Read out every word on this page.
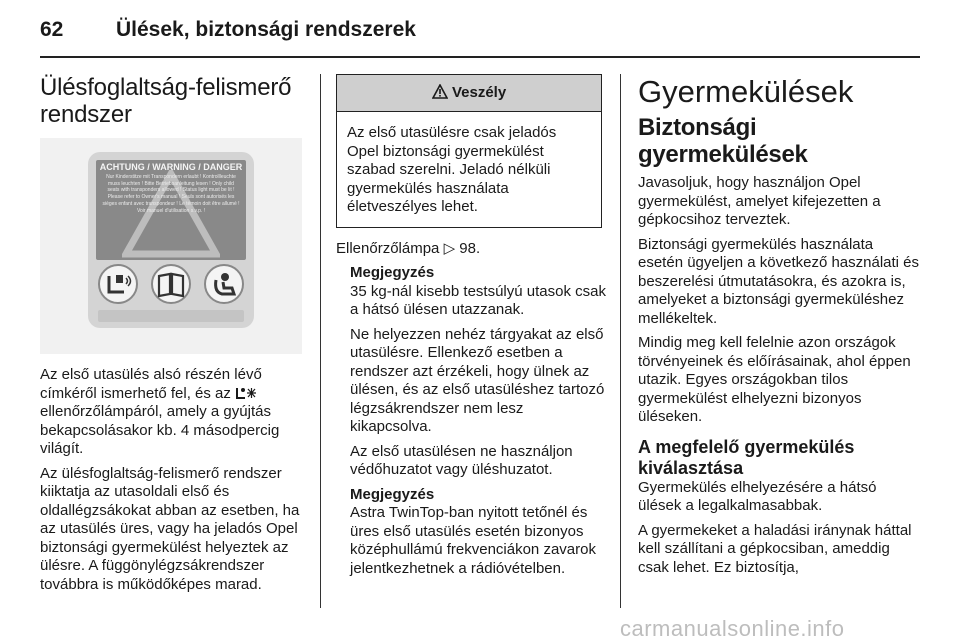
62	Ülések, biztonsági rendszerek
Ülésfoglaltság-felismerő rendszer
ACHTUNG / WARNING / DANGER
Nur Kinderstitze mit Transpondern erlaubt ! Kontrollleuchte muss leuchten ! Bitte Betriebsanleitung lesen ! Only child seats with transponders allowed ! Status light must be lit ! Please refer to Owner's manual ! Seuls sont autorisés les sièges enfant avec transpondeur ! Le témoin doit être allumé ! Voir manuel d'utilisation s.v.p. !

Az első utasülés alsó részén lévő címkéről ismerhető fel, és az  ellenőrzőlámpáról, amely a gyújtás bekapcsolásakor kb. 4 másodpercig világít.

Az ülésfoglaltság-felismerő rendszer kiiktatja az utasoldali első és oldallégzsákokat abban az esetben, ha az utasülés üres, vagy ha jeladós Opel biztonsági gyermekülést helyeztek az ülésre. A függönylégzsákrendszer továbbra is működőképes marad.

Veszély

Az első utasülésre csak jeladós Opel biztonsági gyermekülést szabad szerelni. Jeladó nélküli gyermekülés használata életveszélyes lehet.

Ellenőrzőlámpa ▷ 98.

Megjegyzés

35 kg-nál kisebb testsúlyú utasok csak a hátsó ülésen utazzanak.

Ne helyezzen nehéz tárgyakat az első utasülésre. Ellenkező esetben a rendszer azt érzékeli, hogy ülnek az ülésen, és az első utasüléshez tartozó légzsákrendszer nem lesz kikapcsolva.

Az első utasülésen ne használjon védőhuzatot vagy üléshuzatot.

Megjegyzés

Astra TwinTop-ban nyitott tetőnél és üres első utasülés esetén bizonyos középhullámú frekvenciákon zavarok jelentkezhetnek a rádióvételben.

Gyermekülések
Biztonsági gyermekülések

Javasoljuk, hogy használjon Opel gyermekülést, amelyet kifejezetten a gépkocsihoz terveztek.

Biztonsági gyermekülés használata esetén ügyeljen a következő használati és beszerelési útmutatásokra, és azokra is, amelyeket a biztonsági gyermeküléshez mellékeltek.

Mindig meg kell felelnie azon országok törvényeinek és előírásainak, ahol éppen utazik. Egyes országokban tilos gyermekülést elhelyezni bizonyos üléseken.

A megfelelő gyermekülés kiválasztása

Gyermekülés elhelyezésére a hátsó ülések a legalkalmasabbak.

A gyermekeket a haladási iránynak háttal kell szállítani a gépkocsiban, ameddig csak lehet. Ez biztosítja,

carmanualsonline.info
